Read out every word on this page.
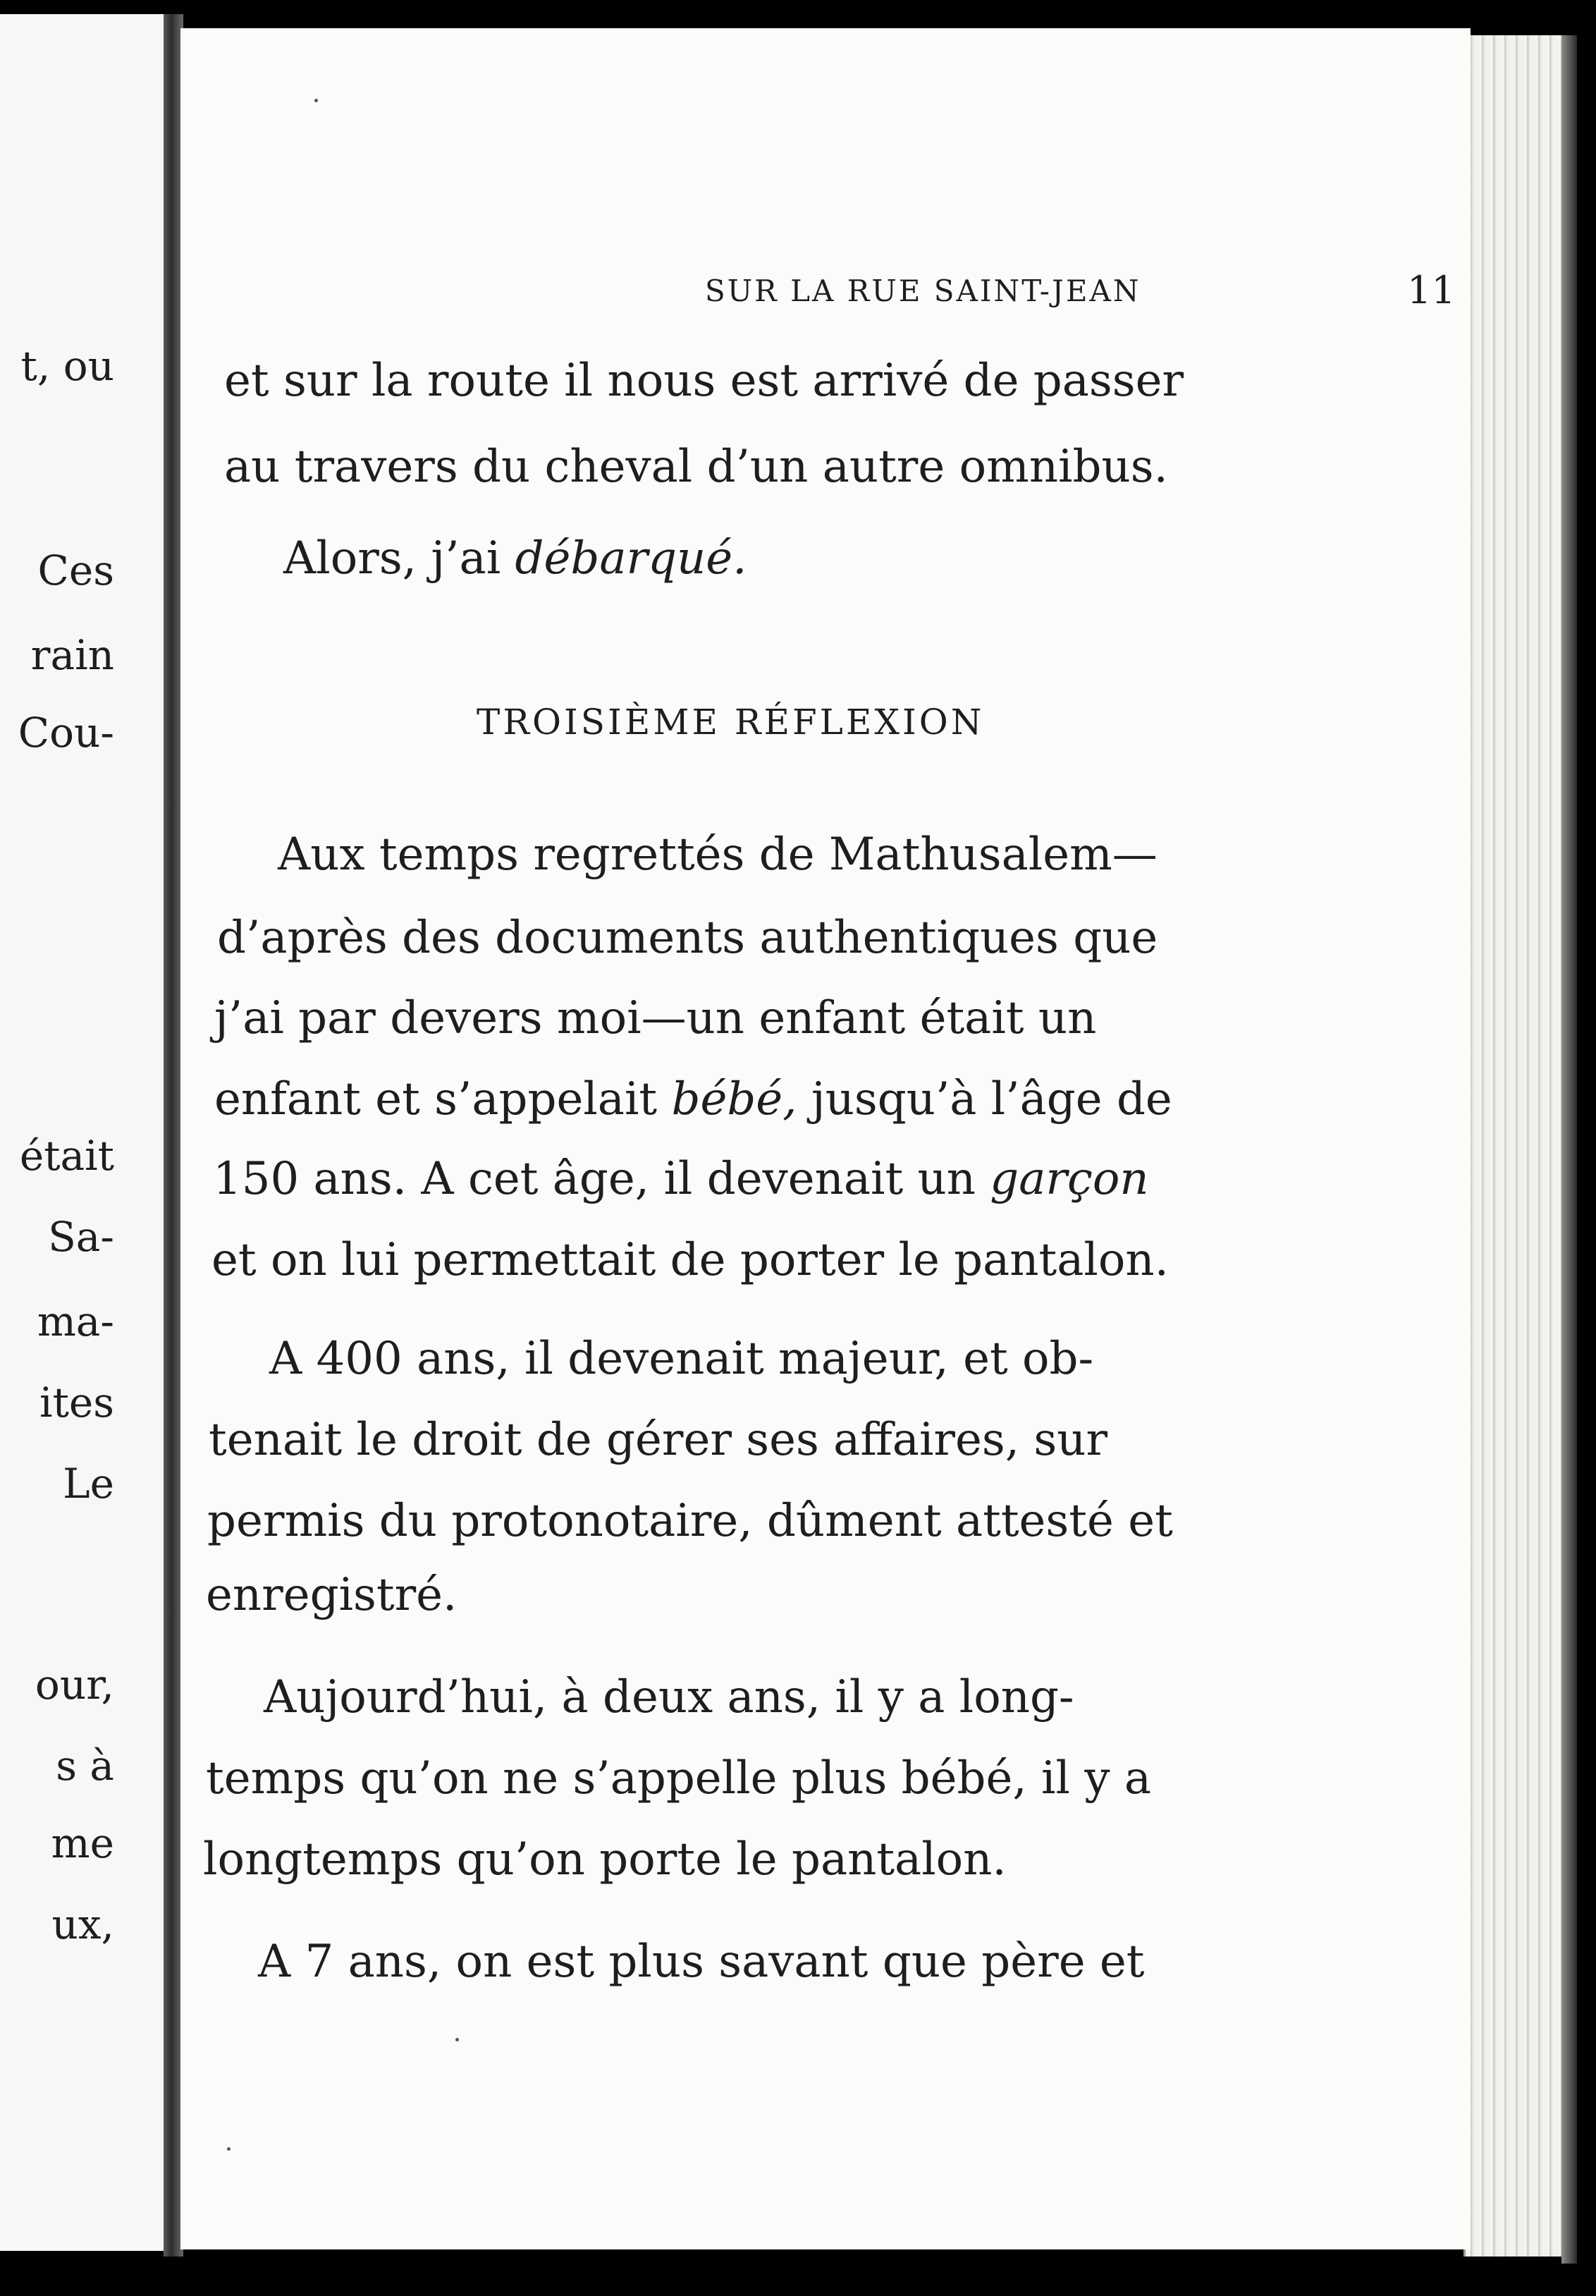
t, ou
Ces
rain
Cou-
était
Sa-
ma-
ites
Le
our,
s à
me
ux,
SUR LA RUE SAINT-JEAN	11
et sur la route il nous est arrivé de passer
au travers du cheval d’un autre omnibus.
Alors, j’ai débarqué.
TROISIÈME RÉFLEXION
Aux temps regrettés de Mathusalem—
d’après des documents authentiques que
j’ai par devers moi—un enfant était un
enfant et s’appelait bébé, jusqu’à l’âge de
150 ans. A cet âge, il devenait un garçon
et on lui permettait de porter le pantalon.
A 400 ans, il devenait majeur, et ob-
tenait le droit de gérer ses affaires, sur
permis du protonotaire, dûment attesté et
enregistré.
Aujourd’hui, à deux ans, il y a long-
temps qu’on ne s’appelle plus bébé, il y a
longtemps qu’on porte le pantalon.
A 7 ans, on est plus savant que père et
